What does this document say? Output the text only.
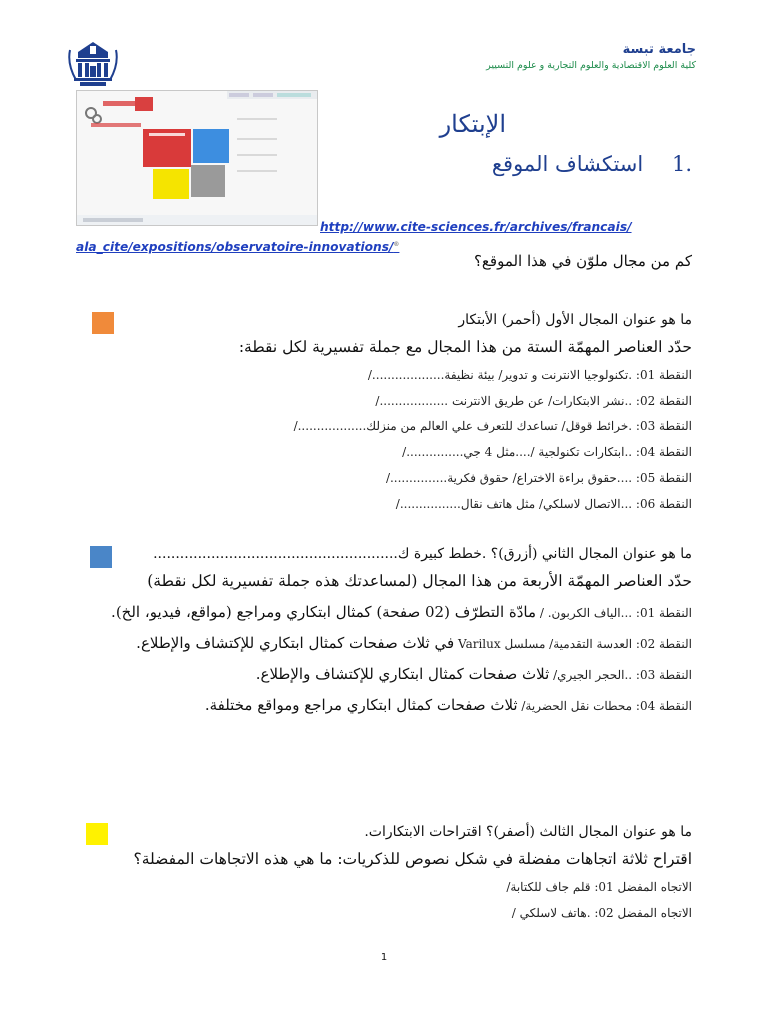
جامعة تبسة
كلية العلوم الاقتصادية والعلوم التجارية و علوم التسيير
الإبتكار
.1 استكشاف الموقع
http://www.cite-sciences.fr/archives/francais/
ala_cite/expositions/observatoire-innovations/®
كم من مجال ملوّن في هذا الموقع؟
ما هو عنوان المجال الأول (أحمر) الأبتكار
حدّد العناصر المهمّة الستة من هذا المجال مع جملة تفسيرية لكل نقطة:
النقطة 01: .تكنولوجيا الانترنت و تدوير/ بيئة نظيفة.................../
النقطة 02: ..نشر الابتكارات/ عن طريق الانترنت ................../
النقطة 03: .خرائط قوقل/ تساعدك للتعرف علي العالم من منزلك................../
النقطة 04: ..ابتكارات تكنولجية /....مثل 4 جي.............../
النقطة 05: ....حقوق براءة الاختراع/ حقوق فكرية.............../
النقطة 06: ...الاتصال لاسلكي/ مثل هاتف نقال................/
ما هو عنوان المجال الثاني (أزرق)؟ .خطط كبيرة ك.......................................................
حدّد العناصر المهمّة الأربعة من هذا المجال (لمساعدتك هذه جملة تفسيرية لكل نقطة)
النقطة 01: ...الياف الكربون. / مادّة التطرّف (02 صفحة) كمثال ابتكاري ومراجع (مواقع، فيديو، الخ).
النقطة 02: العدسة التقدمية/ مسلسل Varilux في ثلاث صفحات كمثال ابتكاري للإكتشاف والإطلاع.
النقطة 03: ..الحجر الجيري/ ثلاث صفحات كمثال ابتكاري للإكتشاف والإطلاع.
النقطة 04: محطات نقل الحضرية/ ثلاث صفحات كمثال ابتكاري مراجع ومواقع مختلفة.
ما هو عنوان المجال الثالث (أصفر)؟ اقتراحات الابتكارات.
اقتراح ثلاثة اتجاهات مفضلة في شكل نصوص للذكريات: ما هي هذه الاتجاهات المفضلة؟
الاتجاه المفضل 01: قلم جاف للكتابة/
الاتجاه المفضل 02: .هاتف لاسلكي /
1
